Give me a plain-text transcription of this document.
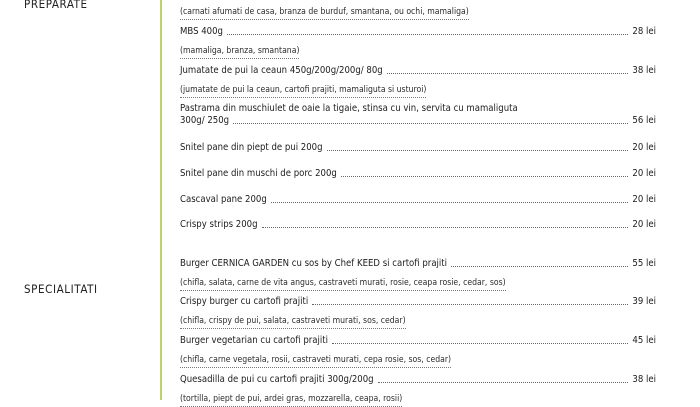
PREPARATE
SPECIALITATI
(carnati afumati de casa, branza de burduf, smantana, ou ochi, mamaliga)
MBS 400g	28 lei
(mamaliga, branza, smantana)
Jumatate de pui la ceaun 450g/200g/200g/ 80g	38 lei
(jumatate de pui la ceaun, cartofi prajiti, mamaliguta si usturoi)
Pastrama din muschiulet de oaie la tigaie, stinsa cu vin, servita cu mamaliguta
300g/ 250g	56 lei
Snitel pane din piept de pui 200g	20 lei
Snitel pane din muschi de porc 200g	20 lei
Cascaval pane 200g	20 lei
Crispy strips 200g	20 lei
Burger CERNICA GARDEN cu sos by Chef KEED si cartofi prajiti	55 lei
(chifla, salata, carne de vita angus, castraveti murati, rosie, ceapa rosie, cedar, sos)
Crispy burger cu cartofi prajiti	39 lei
(chifla, crispy de pui, salata, castraveti murati, sos, cedar)
Burger vegetarian cu cartofi prajiti	45 lei
(chifla, carne vegetala, rosii, castraveti murati, cepa rosie, sos, cedar)
Quesadilla de pui cu cartofi prajiti 300g/200g	38 lei
(tortilla, piept de pui, ardei gras, mozzarella, ceapa, rosii)
